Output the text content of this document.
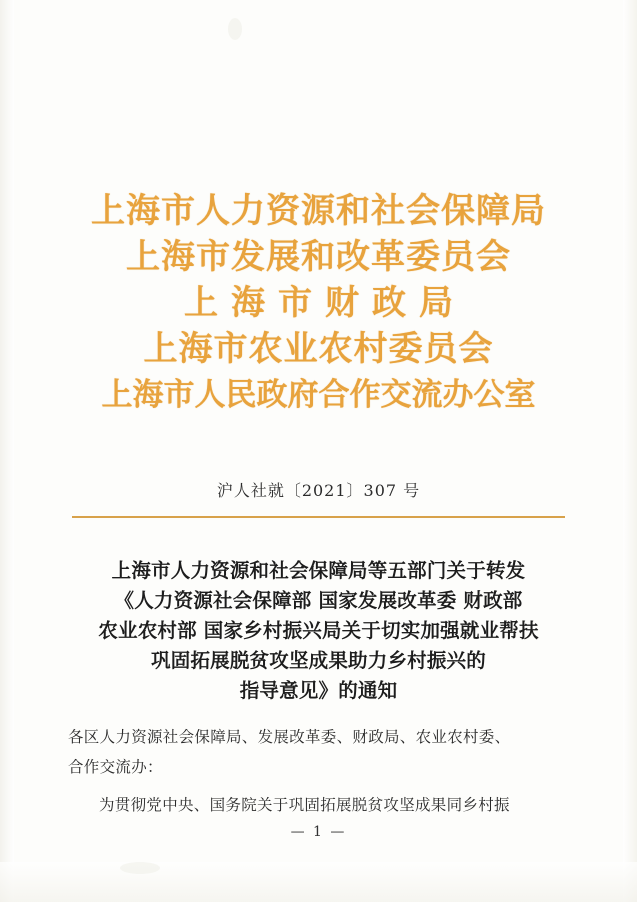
上海市人力资源和社会保障局
上海市发展和改革委员会
上海市财政局
上海市农业农村委员会
上海市人民政府合作交流办公室
沪人社就〔2021〕307 号
上海市人力资源和社会保障局等五部门关于转发
《人力资源社会保障部 国家发展改革委 财政部
农业农村部 国家乡村振兴局关于切实加强就业帮扶
巩固拓展脱贫攻坚成果助力乡村振兴的
指导意见》的通知
各区人力资源社会保障局、发展改革委、财政局、农业农村委、
合作交流办：
为贯彻党中央、国务院关于巩固拓展脱贫攻坚成果同乡村振
— 1 —
